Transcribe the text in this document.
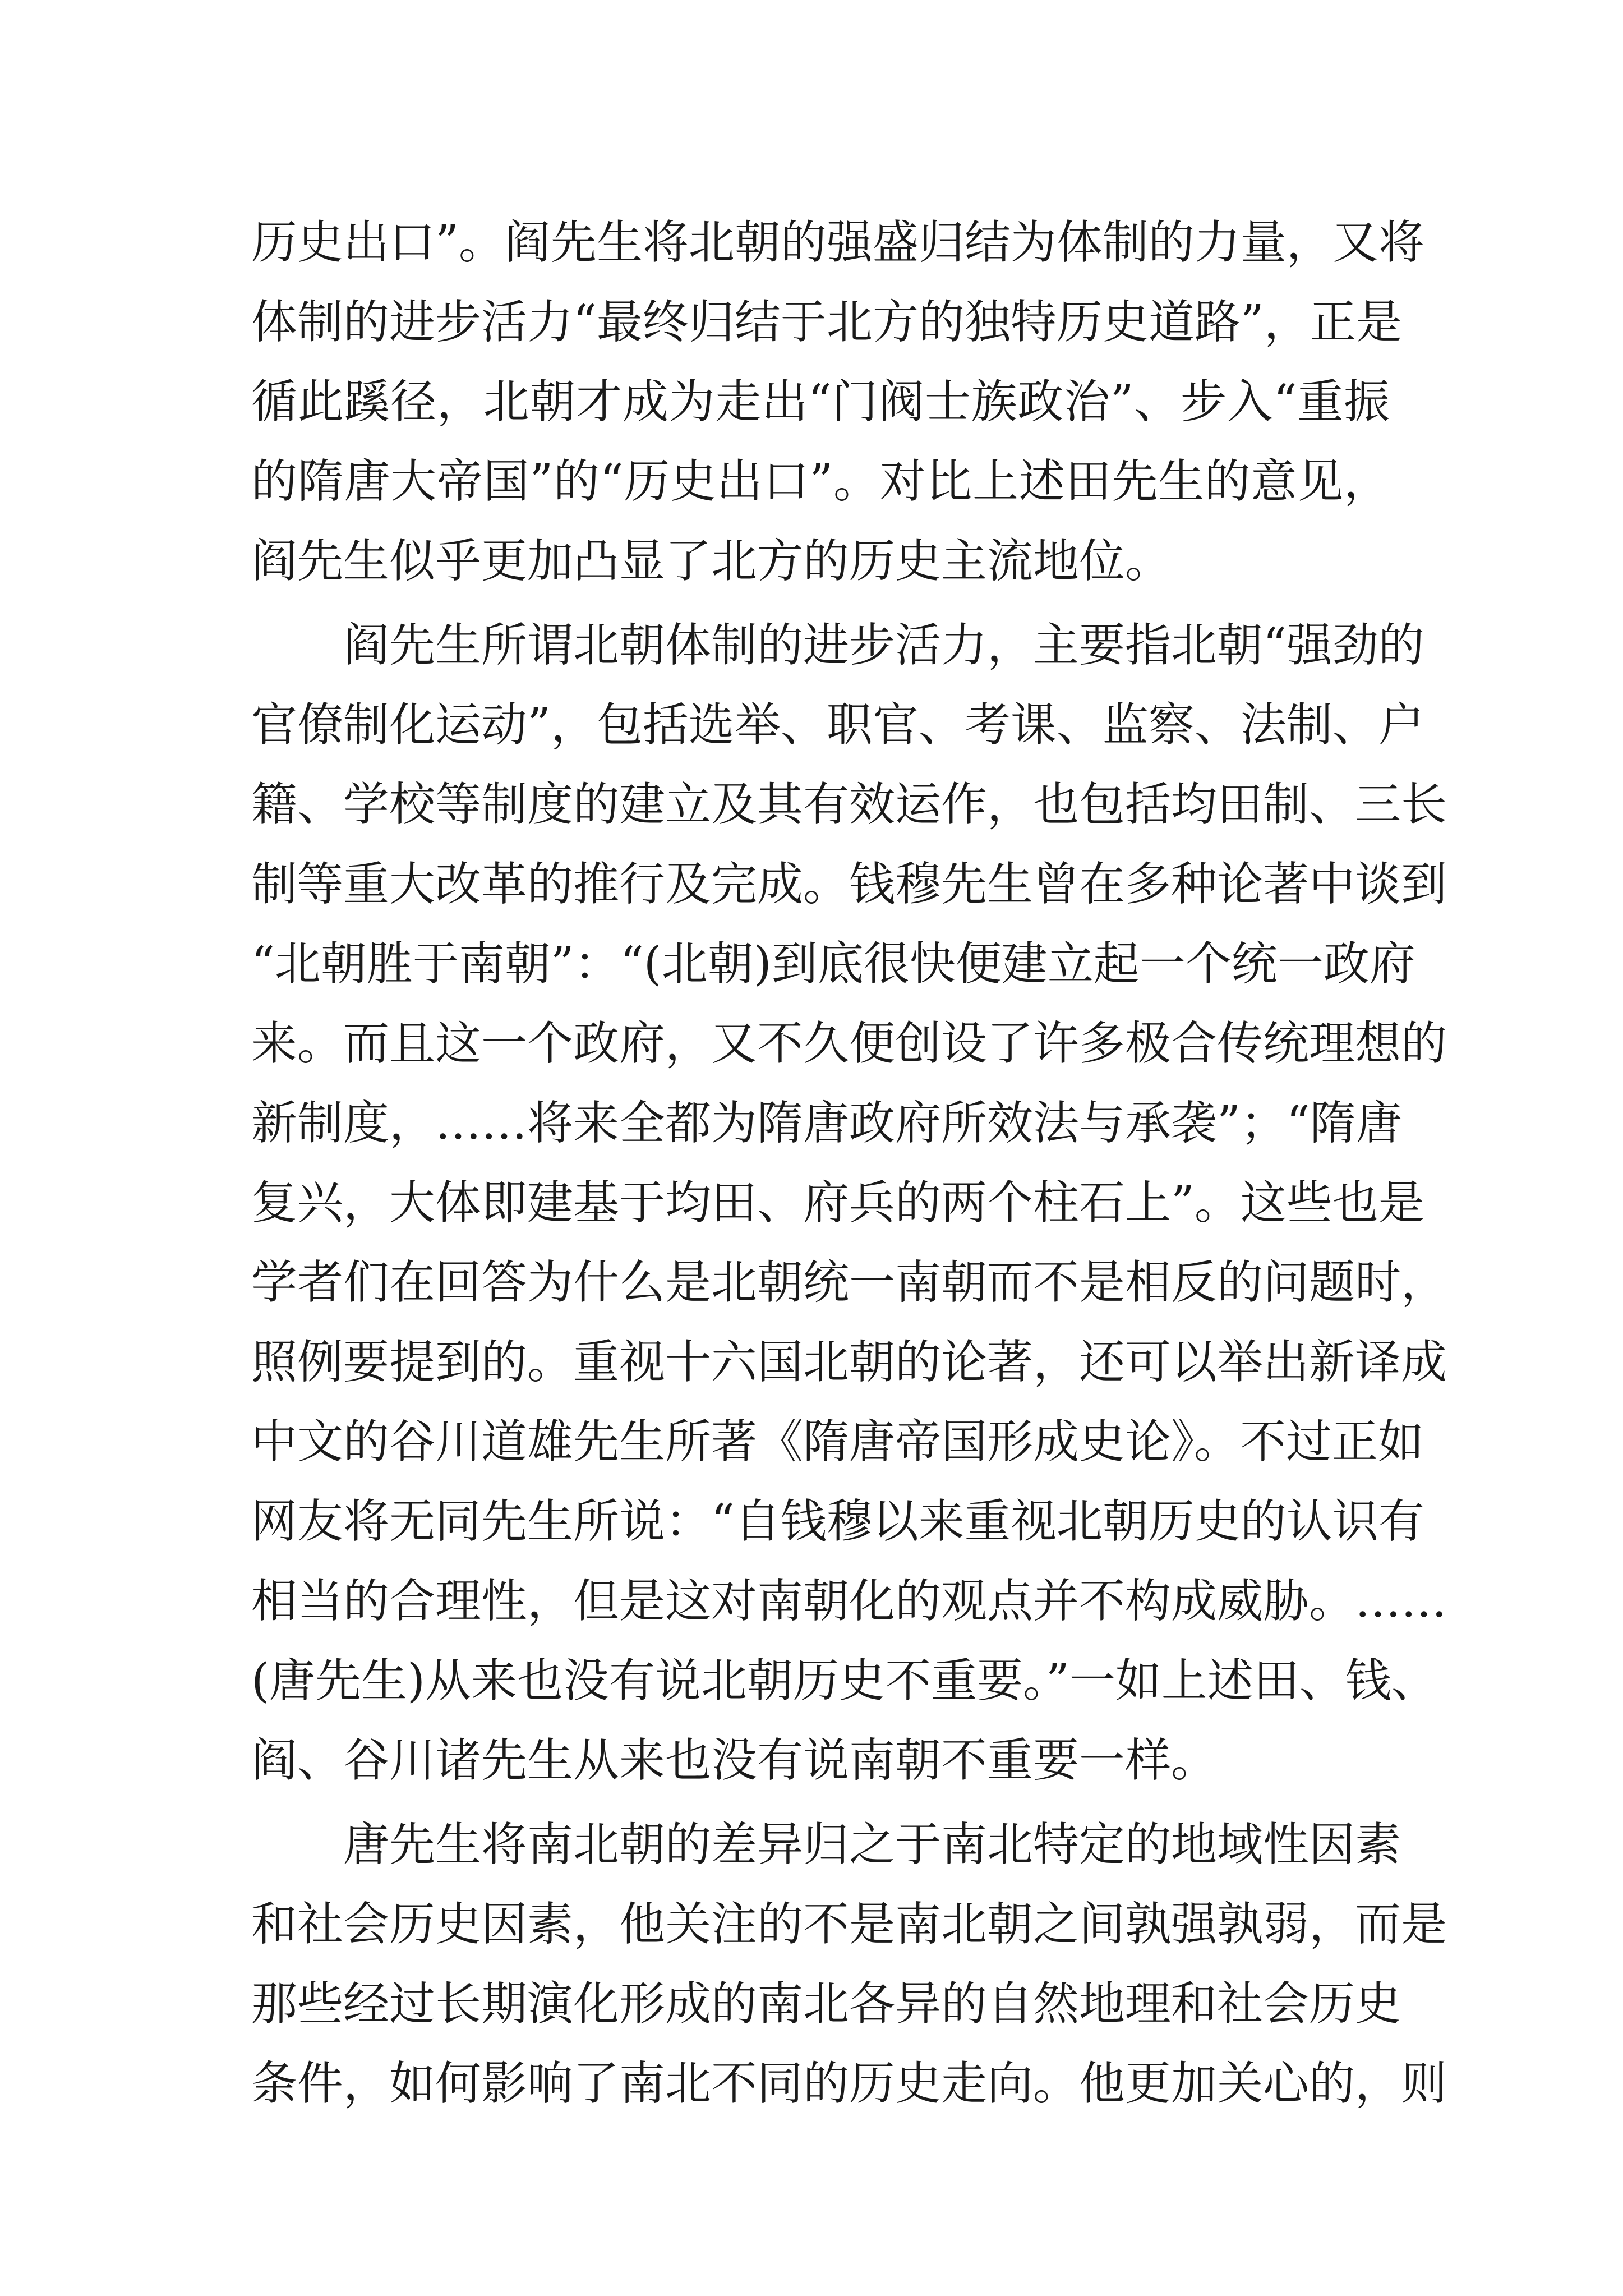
历史出口”。阎先生将北朝的强盛归结为体制的力量，又将
体制的进步活力“最终归结于北方的独特历史道路”，正是
循此蹊径，北朝才成为走出“门阀士族政治”、步入“重振
的隋唐大帝国”的“历史出口”。对比上述田先生的意见，
阎先生似乎更加凸显了北方的历史主流地位。
阎先生所谓北朝体制的进步活力，主要指北朝“强劲的
官僚制化运动”，包括选举、职官、考课、监察、法制、户
籍、学校等制度的建立及其有效运作，也包括均田制、三长
制等重大改革的推行及完成。钱穆先生曾在多种论著中谈到
“北朝胜于南朝”：“(北朝)到底很快便建立起一个统一政府
来。而且这一个政府，又不久便创设了许多极合传统理想的
新制度，……将来全都为隋唐政府所效法与承袭”；“隋唐
复兴，大体即建基于均田、府兵的两个柱石上”。这些也是
学者们在回答为什么是北朝统一南朝而不是相反的问题时，
照例要提到的。重视十六国北朝的论著，还可以举出新译成
中文的谷川道雄先生所著《隋唐帝国形成史论》。不过正如
网友将无同先生所说：“自钱穆以来重视北朝历史的认识有
相当的合理性，但是这对南朝化的观点并不构成威胁。……
(唐先生)从来也没有说北朝历史不重要。”一如上述田、钱、
阎、谷川诸先生从来也没有说南朝不重要一样。
唐先生将南北朝的差异归之于南北特定的地域性因素
和社会历史因素，他关注的不是南北朝之间孰强孰弱，而是
那些经过长期演化形成的南北各异的自然地理和社会历史
条件，如何影响了南北不同的历史走向。他更加关心的，则
